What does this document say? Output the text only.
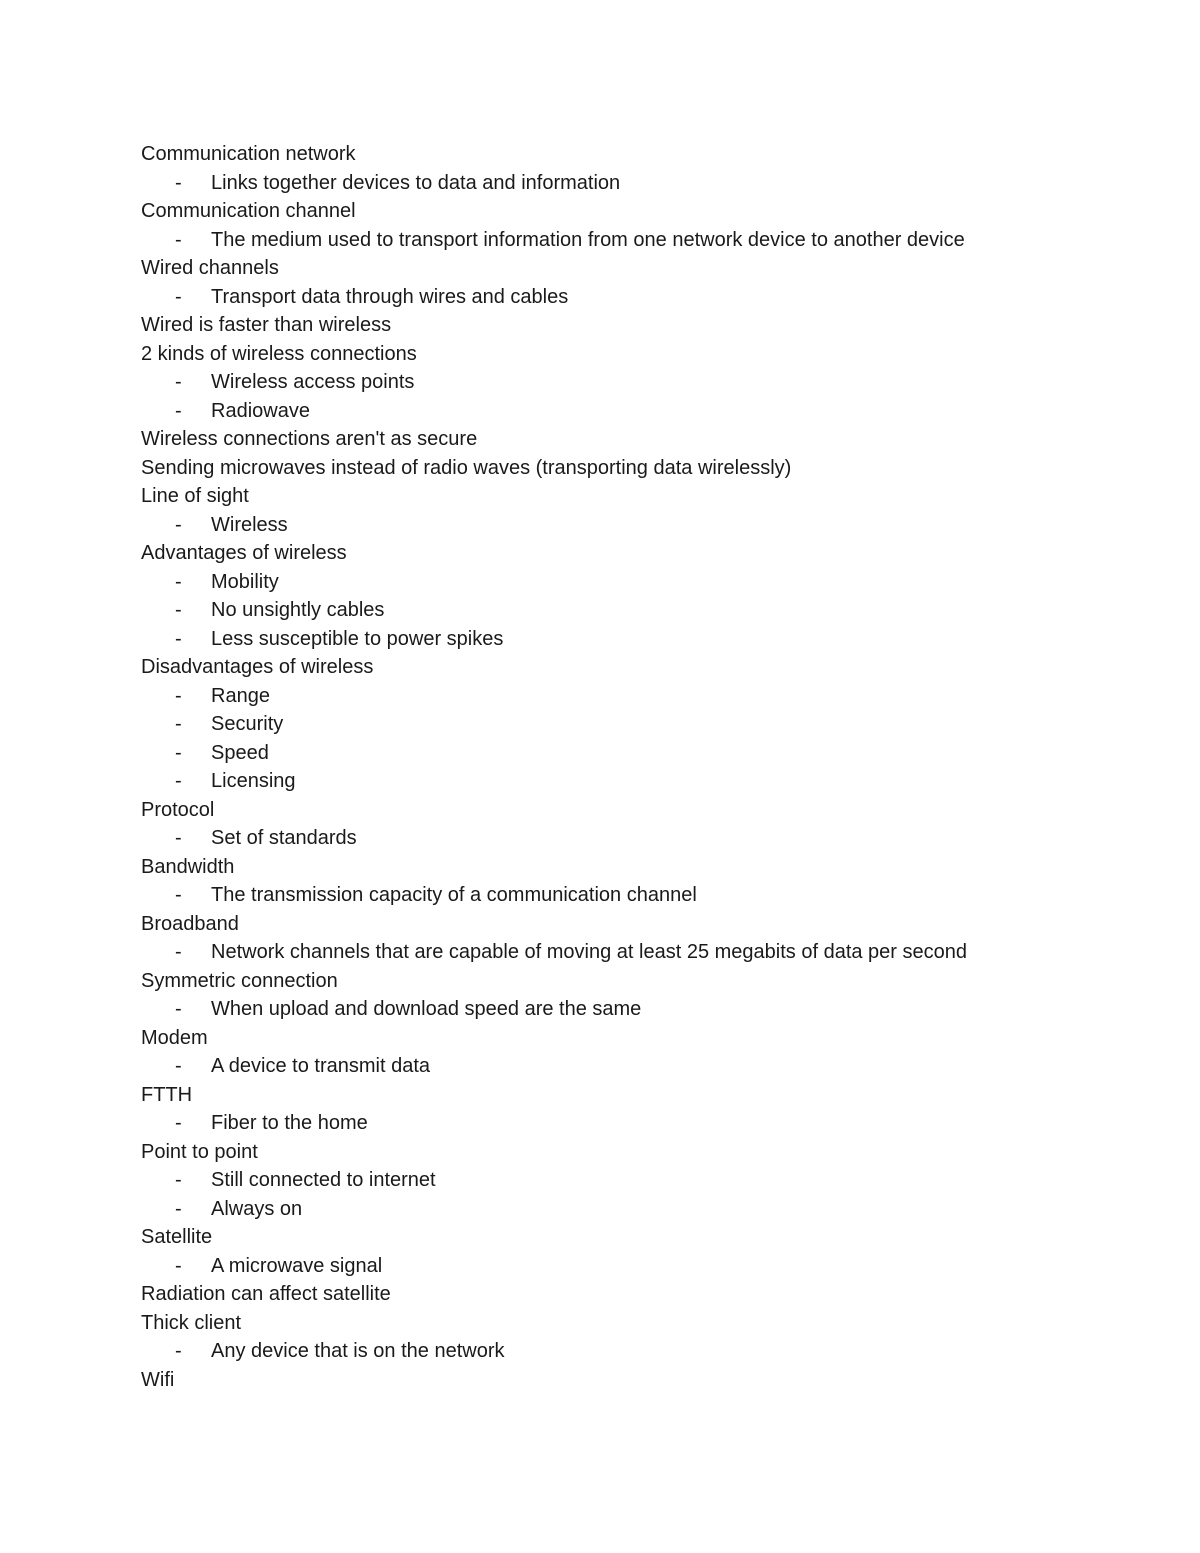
Communication network
- Links together devices to data and information
Communication channel
- The medium used to transport information from one network device to another device
Wired channels
- Transport data through wires and cables
Wired is faster than wireless
2 kinds of wireless connections
- Wireless access points
- Radiowave
Wireless connections aren't as secure
Sending microwaves instead of radio waves (transporting data wirelessly)
Line of sight
- Wireless
Advantages of wireless
- Mobility
- No unsightly cables
- Less susceptible to power spikes
Disadvantages of wireless
- Range
- Security
- Speed
- Licensing
Protocol
- Set of standards
Bandwidth
- The transmission capacity of a communication channel
Broadband
- Network channels that are capable of moving at least 25 megabits of data per second
Symmetric connection
- When upload and download speed are the same
Modem
- A device to transmit data
FTTH
- Fiber to the home
Point to point
- Still connected to internet
- Always on
Satellite
- A microwave signal
Radiation can affect satellite
Thick client
- Any device that is on the network
Wifi
